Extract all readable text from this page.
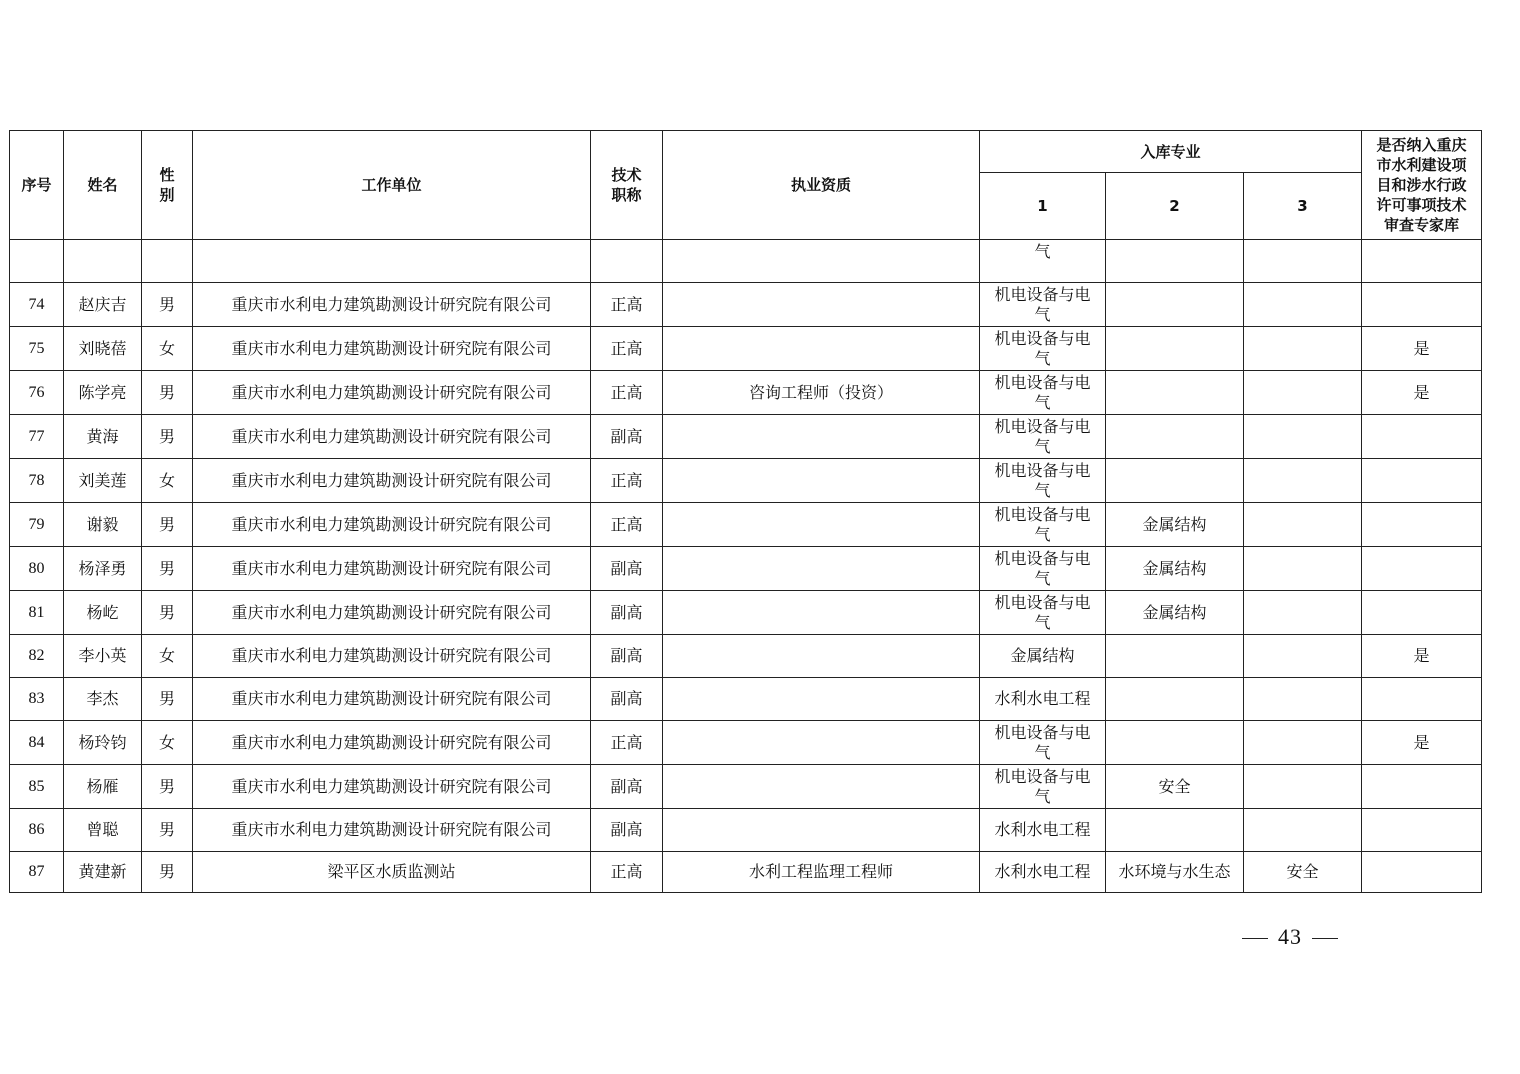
序号	姓名	性别	工作单位	技术职称	执业资质	入库专业			是否纳入重庆市水利建设项目和涉水行政许可事项技术审查专家库

						1	2	3	
						气			
74	赵庆吉	男	重庆市水利电力建筑勘测设计研究院有限公司	正高		机电设备与电气			

75	刘晓蓓	女	重庆市水利电力建筑勘测设计研究院有限公司	正高		机电设备与电气			是
76	陈学亮	男	重庆市水利电力建筑勘测设计研究院有限公司	正高	咨询工程师（投资）	机电设备与电气			是
77	黄海	男	重庆市水利电力建筑勘测设计研究院有限公司	副高		机电设备与电气			

78	刘美莲	女	重庆市水利电力建筑勘测设计研究院有限公司	正高		机电设备与电气			

79	谢毅	男	重庆市水利电力建筑勘测设计研究院有限公司	正高		机电设备与电气	金属结构		
80	杨泽勇	男	重庆市水利电力建筑勘测设计研究院有限公司	副高		机电设备与电气	金属结构		
81	杨屹	男	重庆市水利电力建筑勘测设计研究院有限公司	副高		机电设备与电气	金属结构		
82	李小英	女	重庆市水利电力建筑勘测设计研究院有限公司	副高		金属结构			是
83	李杰	男	重庆市水利电力建筑勘测设计研究院有限公司	副高		水利水电工程			

84	杨玲钧	女	重庆市水利电力建筑勘测设计研究院有限公司	正高		机电设备与电气			是
85	杨雁	男	重庆市水利电力建筑勘测设计研究院有限公司	副高		机电设备与电气	安全		
86	曾聪	男	重庆市水利电力建筑勘测设计研究院有限公司	副高		水利水电工程			

87	黄建新	男	梁平区水质监测站	正高	水利工程监理工程师	水利水电工程	水环境与水生态	安全	
43
